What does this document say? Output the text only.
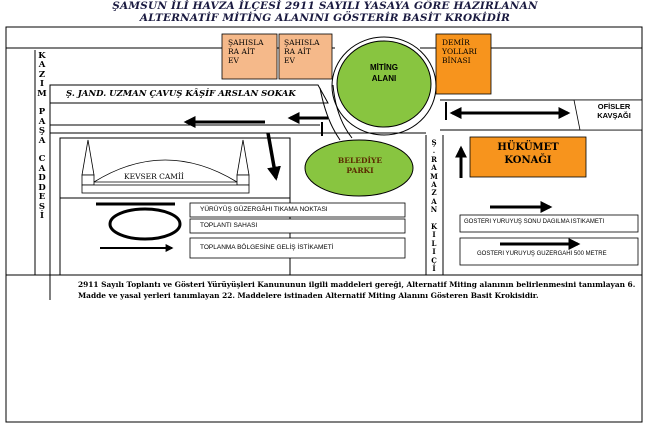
ŞAMSUN İLİ HAVZA İLÇESİ 2911 SAYILI YASAYA GÖRE HAZIRLANAN
ALTERNATİF MİTİNG ALANINI GÖSTERİR BASİT KROKİDİR
K
A
Z
I
M

P
A
Ş
A

C
A
D
D
E
S
İ
Ş
.
R
A
M
A
Z
A
N

K
I
L
I
Ç
I
Ş. JAND. UZMAN ÇAVUŞ KÂŞİF ARSLAN SOKAK
OFİSLER
KAVŞAĞI
ŞAHISLA
RA AİT
EV
ŞAHISLA
RA AİT
EV
DEMİR
YOLLARI
BİNASI
MİTİNG
ALANI
BELEDİYE
PARKI
HÜKÜMET
KONAĞI
KEVSER CAMİİ
YÜRÜYÜŞ GÜZERGÂHI TIKAMA NOKTASI
TOPLANTI SAHASI
TOPLANMA BÖLGESİNE GELİŞ İSTİKAMETİ
GOSTERI YURUYUŞ SONU DAGILMA ISTIKAMETI
GOSTERI YURUYUŞ GUZERGAHI 500 METRE
2911 Sayılı Toplantı ve Gösteri Yürüyüşleri Kanununun ilgili maddeleri gereği, Alternatif Miting alanının belirlenmesini tanımlayan 6. Madde ve yasal yerleri tanımlayan 22. Maddelere istinaden Alternatif Miting Alanını Gösteren Basit Krokisidir.
